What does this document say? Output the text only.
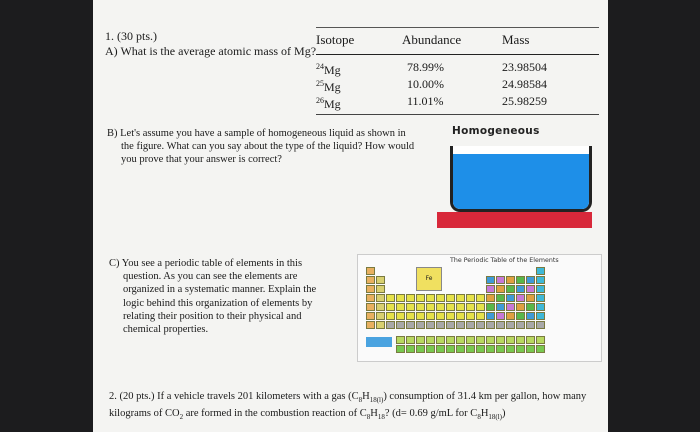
1. (30 pts.)
A) What is the average atomic mass of Mg?
Isotope	Abundance	Mass
$^{24}$Mg	78.99%	23.98504
$^{25}$Mg	10.00%	24.98584
$^{26}$Mg	11.01%	25.98259
B) Let's assume you have a sample of homogeneous liquid as shown in
the figure. What can you say about the type of the liquid? How would
you prove that your answer is correct?
Homogeneous
C) You see a periodic table of elements in this
question. As you can see the elements are
organized in a systematic manner. Explain the
logic behind this organization of elements by
relating their position to their physical and
chemical properties.
The Periodic Table of the Elements
Fe
2. (20 pts.) If a vehicle travels 201 kilometers with a gas $(C_8H_{18(l)})$ consumption of 31.4 km per gallon, how many
kilograms of $CO_2$ are formed in the combustion reaction of $C_8H_{18}$? (d= 0.69 g/mL for $C_8H_{18(l)}$)
